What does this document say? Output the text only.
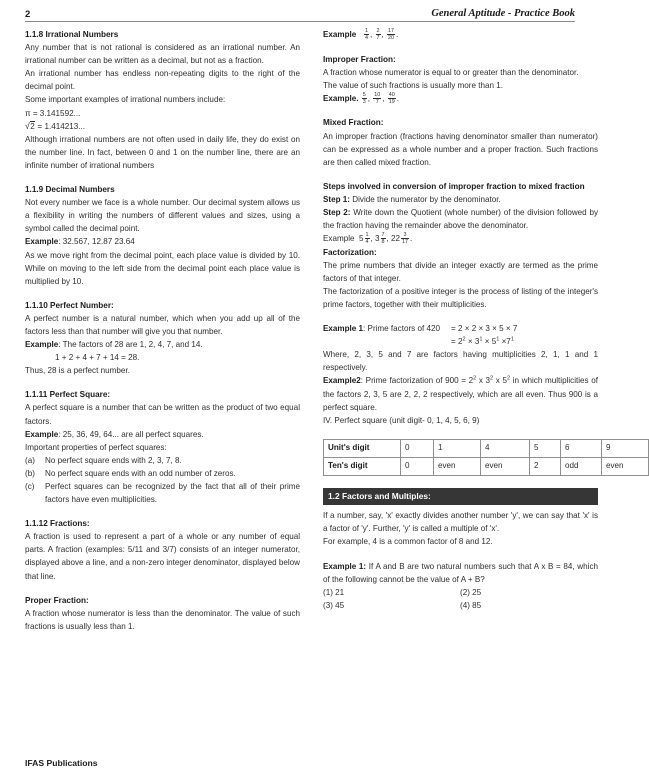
2	General Aptitude - Practice Book
1.1.8 Irrational Numbers

Any number that is not rational is considered as an irrational number. An irrational number can be written as a decimal, but not as a fraction.

An irrational number has endless non-repeating digits to the right of the decimal point.

Some important examples of irrational numbers include:

π = 3.141592...

√2 = 1.414213...

Although irrational numbers are not often used in daily life, they do exist on the number line. In fact, between 0 and 1 on the number line, there are an infinite number of irrational numbers

1.1.9 Decimal Numbers

Not every number we face is a whole number. Our decimal system allows us a flexibility in writing the numbers of different values and sizes, using a symbol called the decimal point.

Example: 32.567, 12.87 23.64

As we move right from the decimal point, each place value is divided by 10. While on moving to the left side from the decimal point each place value is multiplied by 10.

1.1.10 Perfect Number:

A perfect number is a natural number, which when you add up all of the factors less than that number will give you that number.

Example: The factors of 28 are 1, 2, 4, 7, and 14.

1 + 2 + 4 + 7 + 14 = 28.

Thus, 28 is a perfect number.

1.1.11 Perfect Square:

A perfect square is a number that can be written as the product of two equal factors.

Example: 25, 36, 49, 64... are all perfect squares.

Important properties of perfect squares:

(a)	No perfect square ends with 2, 3, 7, 8.
(b)	No perfect square ends with an odd number of zeros.
(c)	Perfect squares can be recognized by the fact that all of their prime factors have even multiplicities.
1.1.12 Fractions:

A fraction is used to represent a part of a whole or any number of equal parts. A fraction (examples: 5/11 and 3/7) consists of an integer numerator, displayed above a line, and a non-zero integer denominator, displayed below that line.

Proper Fraction:

A fraction whose numerator is less than the denominator. The value of such fractions is usually less than 1.

Example $\frac{1}{4}$ , $\frac{2}{7}$ , $\frac{17}{20}$ .

Improper Fraction:

A fraction whose numerator is equal to or greater than the denominator.

The value of such fractions is usually more than 1.

Example. $\frac{5}{3}$ , $\frac{10}{7}$ , $\frac{40}{19}$ .

Mixed Fraction:

An improper fraction (fractions having denominator smaller than numerator) can be expressed as a whole number and a proper fraction. Such fractions are then called mixed fraction.

Steps involved in conversion of improper fraction to mixed fraction

Step 1: Divide the numerator by the denominator.

Step 2: Write down the Quotient (whole number) of the division followed by the fraction having the remainder above the denominator.

Example $5 \frac{1}{4}$ , $3 \frac{7}{8}$ , $22 \frac{3}{17}$ .

Factorization:

The prime numbers that divide an integer exactly are termed as the prime factors of that integer.

The factorization of a positive integer is the process of listing of the integer's prime factors, together with their multiplicities.

Example 1: Prime factors of 420	= 2 × 2 × 3 × 5 × 7
= $2^2 \times 3^1 \times 5^1 \times 7^1$

Where, 2, 3, 5 and 7 are factors having multiplicities 2, 1, 1 and 1 respectively.

Example2: Prime factorization of $900 = 2^2$ x $3^2$ x $5^2$ in which multiplicities of the factors 2, 3, 5 are 2, 2, 2 respectively, which are all even. Thus 900 is a perfect square.

IV. Perfect square (unit digit- 0, 1, 4, 5, 6, 9)

Unit's digit	0	1	4	5	6	9
Ten's digit	0	even	even	2	odd	even
1.2 Factors and Multiples:

If a number, say, 'x' exactly divides another number 'y', we can say that 'x' is a factor of 'y'. Further, 'y' is called a multiple of 'x'.

For example, 4 is a common factor of 8 and 12.

Example 1: If A and B are two natural numbers such that A x B = 84, which of the following cannot be the value of A + B?

(1) 21	(2) 25
(3) 45	(4) 85
IFAS Publications
